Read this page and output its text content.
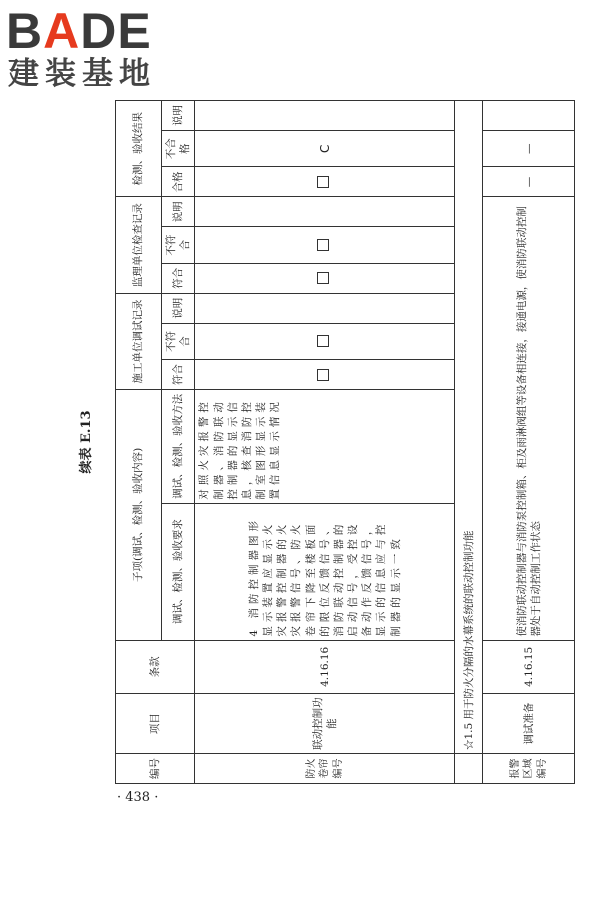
BADE
建装基地
续表 E.13
编号	项目	条款	子项(调试、检测、验收内容)		施工单位调试记录			监理单位检查记录			检测、验收结果		
			调试、检测、验收要求	调试、检测、验收方法	符合	不符合	说明	符合	不符合	说明	合格	不合格	说明
防火卷帘编号	联动控制功能	4.16.16	4 消防控制器图形显示装置应显示火灾报警控制器的火灾报警信号、防火卷帘下降至楼板面的限位反馈信号、消防联动控制器的启动信号，受控设备动作反馈信号，显示的信息应与控制器的显示一致	对照火灾报警控制器、消防联动控制器的显示信息，核查消防控制室图形显示装置信息显示情况								C	
	☆1.5 用于防火分隔的水幕系统的联动控制功能												
报警区域编号	调试准备	4.16.15	使消防联动控制器与消防泵控制箱、柜及雨淋阀组等设备相连接，接通电源，使消防联动控制器处于自动控制工作状态								—	—	
· 438 ·
